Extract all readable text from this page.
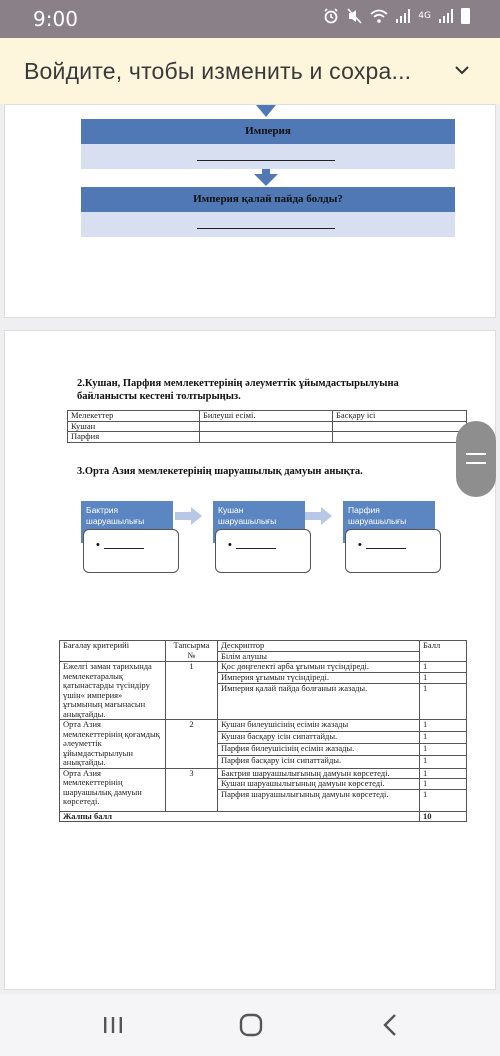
9:00	4G
Войдите, чтобы изменить и сохра...
Империя
Империя қалай пайда болды?
2.Кушан, Парфия мемлекеттерінің әлеуметтік ұйымдастырылуына байланысты кестені толтырыңыз.
Мелекеттер	Билеуші есімі.	Басқару ісі
Кушан		
Парфия		
3.Орта Азия мемлекетерінің шаруашылық дамуын анықта.
Бактрия шаруашылығы
•
Кушан шаруашылығы
•
Парфия шаруашылығы
•
Бағалау критерийі	Тапсырма №	Дескриптор	Балл
		Білім алушы	
Ежелгі заман тарихында мемлекетаралық қатынастарды түсіндіру үшін« империя» ұғымының мағынасын анықтайды.	1	Қос дөңгелекті арба ұғымын түсіндіреді.	1
		Империя ұғымын түсіндіреді.	1
		Империя қалай пайда болғанын жазады.	1
Орта Азия мемлекеттерінің қоғамдық әлеуметтік ұйымдастырылуын анықтайды.	2	Кушан билеушісінің есімін жазады	1
		Кушан басқару ісін сипаттайды.	1
		Парфия билеушісінің есімін жазады.	1
		Парфия басқару ісін сипаттайды.	1
Орта Азия мемлекеттерінің шаруашылық дамуын көрсетеді.	3	Бактрия шаруашылығының дамуын көрсетеді.	1
		Кушан шаруашылығының дамуын көрсетеді.	1
		Парфия шаруашылығының дамуын көрсетеді.	1
Жалпы балл			10
